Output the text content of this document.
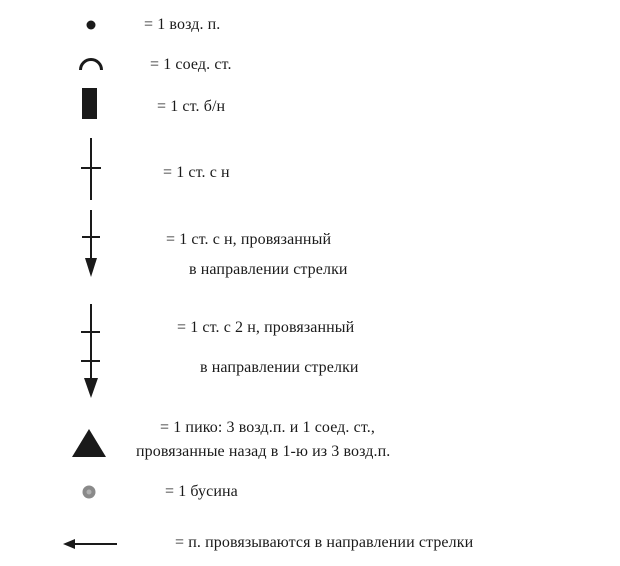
= 1 возд. п.
= 1 соед. ст.
= 1 ст. б/н
= 1 ст. с н
= 1 ст. с н, провязанный
в направлении стрелки
= 1 ст. с 2 н, провязанный
в направлении стрелки
= 1 пико: 3 возд.п. и 1 соед. ст.,
провязанные назад в 1-ю из 3 возд.п.
= 1 бусина
= п. провязываются в направлении стрелки
